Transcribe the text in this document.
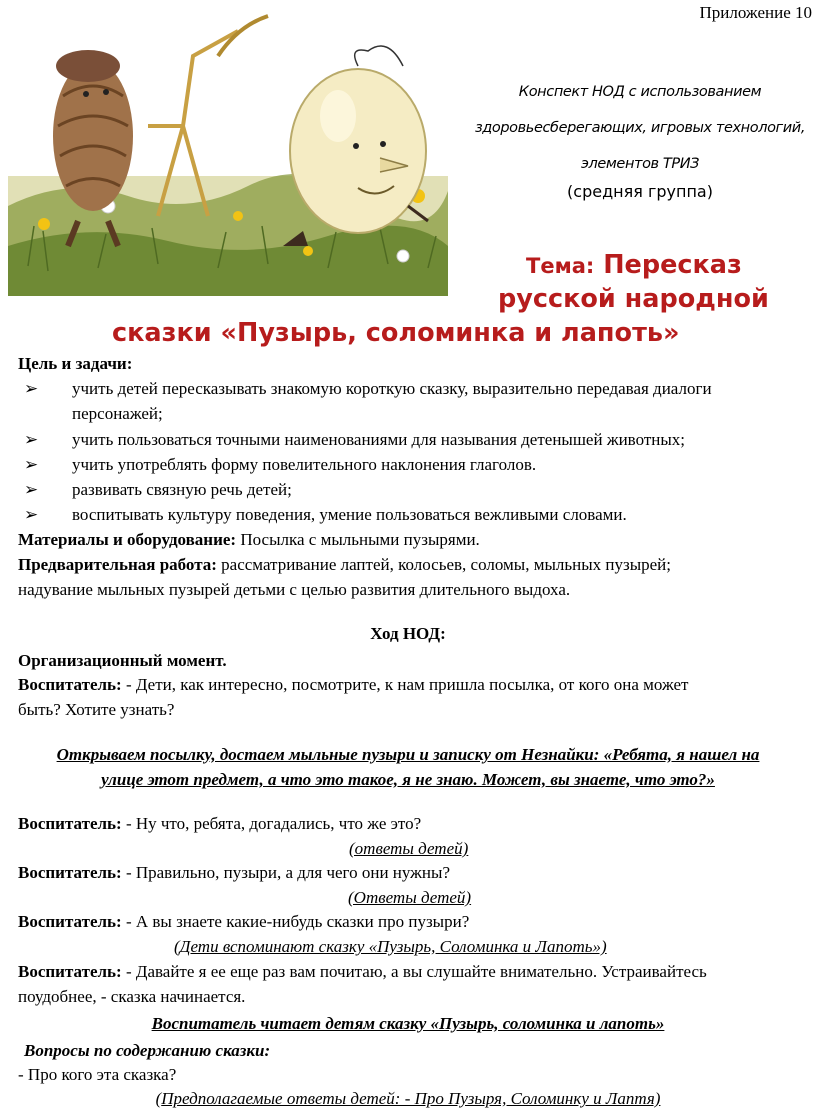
Приложение 10
Конспект НОД с использованием
здоровьесберегающих, игровых технологий,
элементов ТРИЗ
(средняя группа)
Тема: Пересказ
русской народной
сказки «Пузырь, соломинка и лапоть»
Цель и задачи:
➢ учить детей пересказывать знакомую короткую сказку, выразительно передавая диалоги
персонажей;
➢ учить пользоваться точными наименованиями для называния детенышей животных;
➢ учить употреблять форму повелительного наклонения глаголов.
➢ развивать связную речь детей;
➢ воспитывать культуру поведения, умение пользоваться вежливыми словами.
Материалы и оборудование: Посылка с мыльными пузырями.
Предварительная работа: рассматривание лаптей, колосьев, соломы, мыльных пузырей;
надувание мыльных пузырей детьми с целью развития длительного выдоха.
Ход НОД:
Организационный момент.
Воспитатель: - Дети, как интересно, посмотрите, к нам пришла посылка, от кого она может
быть? Хотите узнать?
Открываем посылку, достаем мыльные пузыри и записку от Незнайки: «Ребята, я нашел на
улице этот предмет, а что это такое, я не знаю. Может, вы знаете, что это?»
Воспитатель: - Ну что, ребята, догадались, что же это?
(ответы детей)
Воспитатель: - Правильно, пузыри, а для чего они нужны?
(Ответы детей)
Воспитатель: - А вы знаете какие-нибудь сказки про пузыри?
(Дети вспоминают сказку «Пузырь, Соломинка и Лапоть»)
Воспитатель: - Давайте я ее еще раз вам почитаю, а вы слушайте внимательно. Устраивайтесь
поудобнее, - сказка начинается.
Воспитатель читает детям сказку «Пузырь, соломинка и лапоть»
Вопросы по содержанию сказки:
- Про кого эта сказка?
(Предполагаемые ответы детей: - Про Пузыря, Соломинку и Лаптя)
